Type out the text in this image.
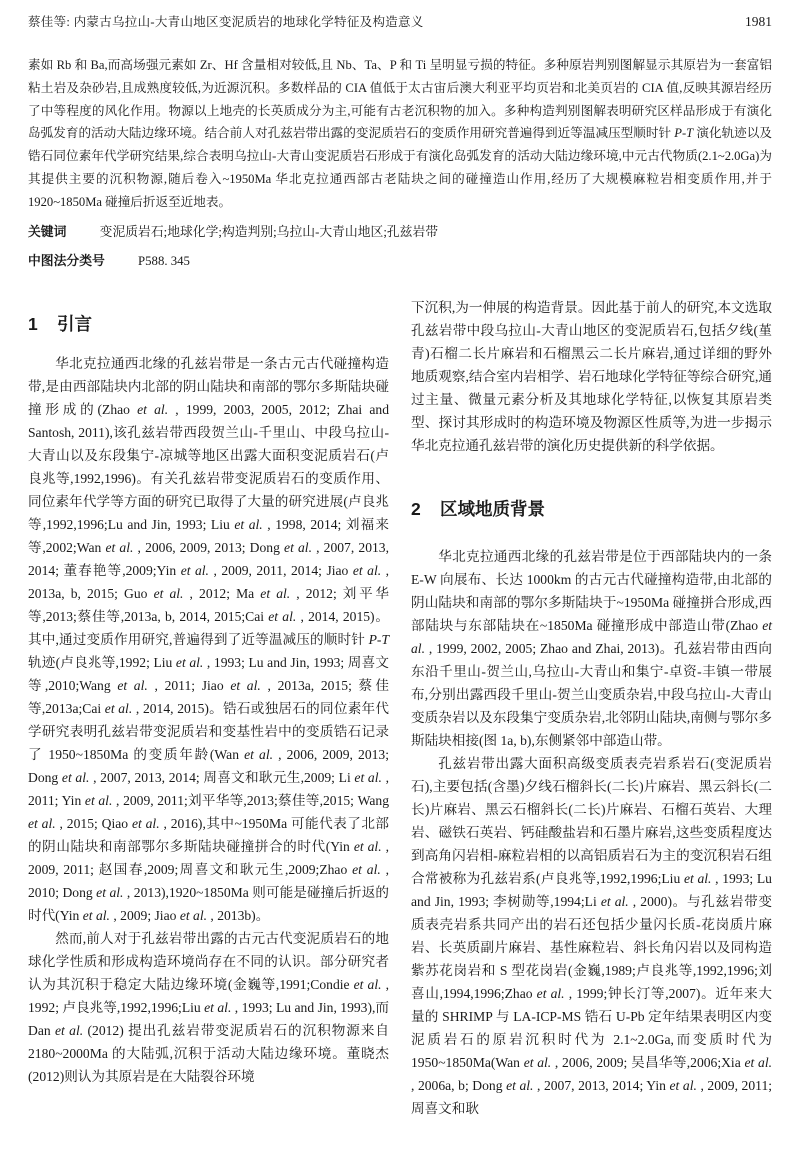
蔡佳等: 内蒙古乌拉山-大青山地区变泥质岩的地球化学特征及构造意义	1981
素如 Rb 和 Ba,而高场强元素如 Zr、Hf 含量相对较低,且 Nb、Ta、P 和 Ti 呈明显亏损的特征。多种原岩判别图解显示其原岩为一套富铝粘土岩及杂砂岩,且成熟度较低,为近源沉积。多数样品的 CIA 值低于太古宙后澳大利亚平均页岩和北美页岩的 CIA 值,反映其源岩经历了中等程度的风化作用。物源以上地壳的长英质成分为主,可能有古老沉积物的加入。多种构造判别图解表明研究区样品形成于有演化岛弧发育的活动大陆边缘环境。结合前人对孔兹岩带出露的变泥质岩石的变质作用研究普遍得到近等温减压型顺时针 P-T 演化轨迹以及锆石同位素年代学研究结果,综合表明乌拉山-大青山变泥质岩石形成于有演化岛弧发育的活动大陆边缘环境,中元古代物质(2.1~2.0Ga)为其提供主要的沉积物源,随后卷入~1950Ma 华北克拉通西部古老陆块之间的碰撞造山作用,经历了大规模麻粒岩相变质作用,并于 1920~1850Ma 碰撞后折返至近地表。
关键词	变泥质岩石;地球化学;构造判别;乌拉山-大青山地区;孔兹岩带
中图法分类号	P588. 345
1 引言

华北克拉通西北缘的孔兹岩带是一条古元古代碰撞构造带,是由西部陆块内北部的阴山陆块和南部的鄂尔多斯陆块碰撞形成的(Zhao et al. , 1999, 2003, 2005, 2012; Zhai and Santosh, 2011),该孔兹岩带西段贺兰山-千里山、中段乌拉山-大青山以及东段集宁-凉城等地区出露大面积变泥质岩石(卢良兆等,1992,1996)。有关孔兹岩带变泥质岩石的变质作用、同位素年代学等方面的研究已取得了大量的研究进展(卢良兆等,1992,1996;Lu and Jin, 1993; Liu et al. , 1998, 2014; 刘福来等,2002;Wan et al. , 2006, 2009, 2013; Dong et al. , 2007, 2013, 2014; 董春艳等,2009;Yin et al. , 2009, 2011, 2014; Jiao et al. , 2013a, b, 2015; Guo et al. , 2012; Ma et al. , 2012; 刘平华等,2013;蔡佳等,2013a, b, 2014, 2015;Cai et al. , 2014, 2015)。其中,通过变质作用研究,普遍得到了近等温减压的顺时针 P-T 轨迹(卢良兆等,1992; Liu et al. , 1993; Lu and Jin, 1993; 周喜文等,2010;Wang et al. , 2011; Jiao et al. , 2013a, 2015; 蔡佳等,2013a;Cai et al. , 2014, 2015)。锆石或独居石的同位素年代学研究表明孔兹岩带变泥质岩和变基性岩中的变质锆石记录了 1950~1850Ma 的变质年龄(Wan et al. , 2006, 2009, 2013; Dong et al. , 2007, 2013, 2014; 周喜文和耿元生,2009; Li et al. , 2011; Yin et al. , 2009, 2011;刘平华等,2013;蔡佳等,2015; Wang et al. , 2015; Qiao et al. , 2016),其中~1950Ma 可能代表了北部的阴山陆块和南部鄂尔多斯陆块碰撞拼合的时代(Yin et al. , 2009, 2011; 赵国春,2009;周喜文和耿元生,2009;Zhao et al. , 2010; Dong et al. , 2013),1920~1850Ma 则可能是碰撞后折返的时代(Yin et al. , 2009; Jiao et al. , 2013b)。

然而,前人对于孔兹岩带出露的古元古代变泥质岩石的地球化学性质和形成构造环境尚存在不同的认识。部分研究者认为其沉积于稳定大陆边缘环境(金巍等,1991;Condie et al. , 1992; 卢良兆等,1992,1996;Liu et al. , 1993; Lu and Jin, 1993),而 Dan et al. (2012) 提出孔兹岩带变泥质岩石的沉积物源来自 2180~2000Ma 的大陆弧,沉积于活动大陆边缘环境。董晓杰(2012)则认为其原岩是在大陆裂谷环境

下沉积,为一伸展的构造背景。因此基于前人的研究,本文选取孔兹岩带中段乌拉山-大青山地区的变泥质岩石,包括夕线(堇青)石榴二长片麻岩和石榴黑云二长片麻岩,通过详细的野外地质观察,结合室内岩相学、岩石地球化学特征等综合研究,通过主量、微量元素分析及其地球化学特征,以恢复其原岩类型、探讨其形成时的构造环境及物源区性质等,为进一步揭示华北克拉通孔兹岩带的演化历史提供新的科学依据。

2 区域地质背景

华北克拉通西北缘的孔兹岩带是位于西部陆块内的一条 E-W 向展布、长达 1000km 的古元古代碰撞构造带,由北部的阴山陆块和南部的鄂尔多斯陆块于~1950Ma 碰撞拼合形成,西部陆块与东部陆块在~1850Ma 碰撞形成中部造山带(Zhao et al. , 1999, 2002, 2005; Zhao and Zhai, 2013)。孔兹岩带由西向东沿千里山-贺兰山,乌拉山-大青山和集宁-卓资-丰镇一带展布,分别出露西段千里山-贺兰山变质杂岩,中段乌拉山-大青山变质杂岩以及东段集宁变质杂岩,北邻阴山陆块,南侧与鄂尔多斯陆块相接(图 1a, b),东侧紧邻中部造山带。

孔兹岩带出露大面积高级变质表壳岩系岩石(变泥质岩石),主要包括(含墨)夕线石榴斜长(二长)片麻岩、黑云斜长(二长)片麻岩、黑云石榴斜长(二长)片麻岩、石榴石英岩、大理岩、磁铁石英岩、钙硅酸盐岩和石墨片麻岩,这些变质程度达到高角闪岩相-麻粒岩相的以高铝质岩石为主的变沉积岩石组合常被称为孔兹岩系(卢良兆等,1992,1996;Liu et al. , 1993; Lu and Jin, 1993; 李树勋等,1994;Li et al. , 2000)。与孔兹岩带变质表壳岩系共同产出的岩石还包括少量闪长质-花岗质片麻岩、长英质副片麻岩、基性麻粒岩、斜长角闪岩以及同构造紫苏花岗岩和 S 型花岗岩(金巍,1989;卢良兆等,1992,1996;刘喜山,1994,1996;Zhao et al. , 1999;钟长汀等,2007)。近年来大量的 SHRIMP 与 LA-ICP-MS 锆石 U-Pb 定年结果表明区内变泥质岩石的原岩沉积时代为 2.1~2.0Ga,而变质时代为 1950~1850Ma(Wan et al. , 2006, 2009; 吴昌华等,2006;Xia et al. , 2006a, b; Dong et al. , 2007, 2013, 2014; Yin et al. , 2009, 2011; 周喜文和耿
